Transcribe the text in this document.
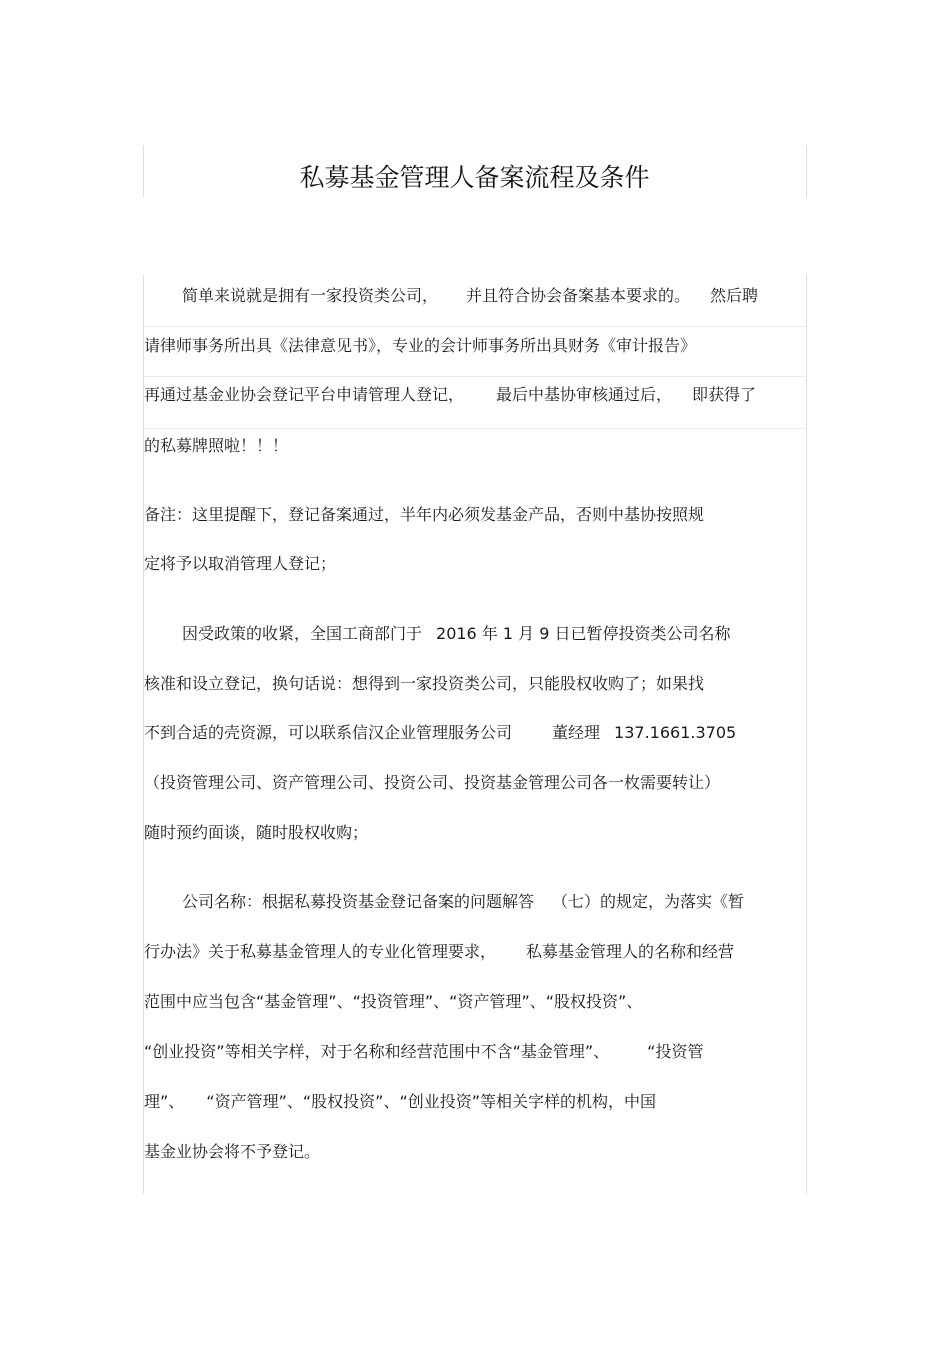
私募基金管理人备案流程及条件
简单来说就是拥有一家投资类公司， 并且符合协会备案基本要求的。 然后聘
请律师事务所出具《法律意见书》，专业的会计师事务所出具财务《审计报告》
再通过基金业协会登记平台申请管理人登记， 最后中基协审核通过后， 即获得了
的私募牌照啦！！！
备注：这里提醒下，登记备案通过，半年内必须发基金产品，否则中基协按照规
定将予以取消管理人登记；
因受政策的收紧，全国工商部门于 2016 年 1 月 9 日已暂停投资类公司名称
核准和设立登记，换句话说：想得到一家投资类公司，只能股权收购了；如果找
不到合适的壳资源，可以联系信汉企业管理服务公司	董经理 137.1661.3705
（投资管理公司、资产管理公司、投资公司、投资基金管理公司各一枚需要转让）
随时预约面谈，随时股权收购；
公司名称：根据私募投资基金登记备案的问题解答 （七）的规定，为落实《暂
行办法》关于私募基金管理人的专业化管理要求， 私募基金管理人的名称和经营
范围中应当包含“基金管理”、“投资管理”、“资产管理”、“股权投资”、
“创业投资”等相关字样，对于名称和经营范围中不含“基金管理”、 “投资管
理”、 “资产管理”、“股权投资”、“创业投资”等相关字样的机构，中国
基金业协会将不予登记。
